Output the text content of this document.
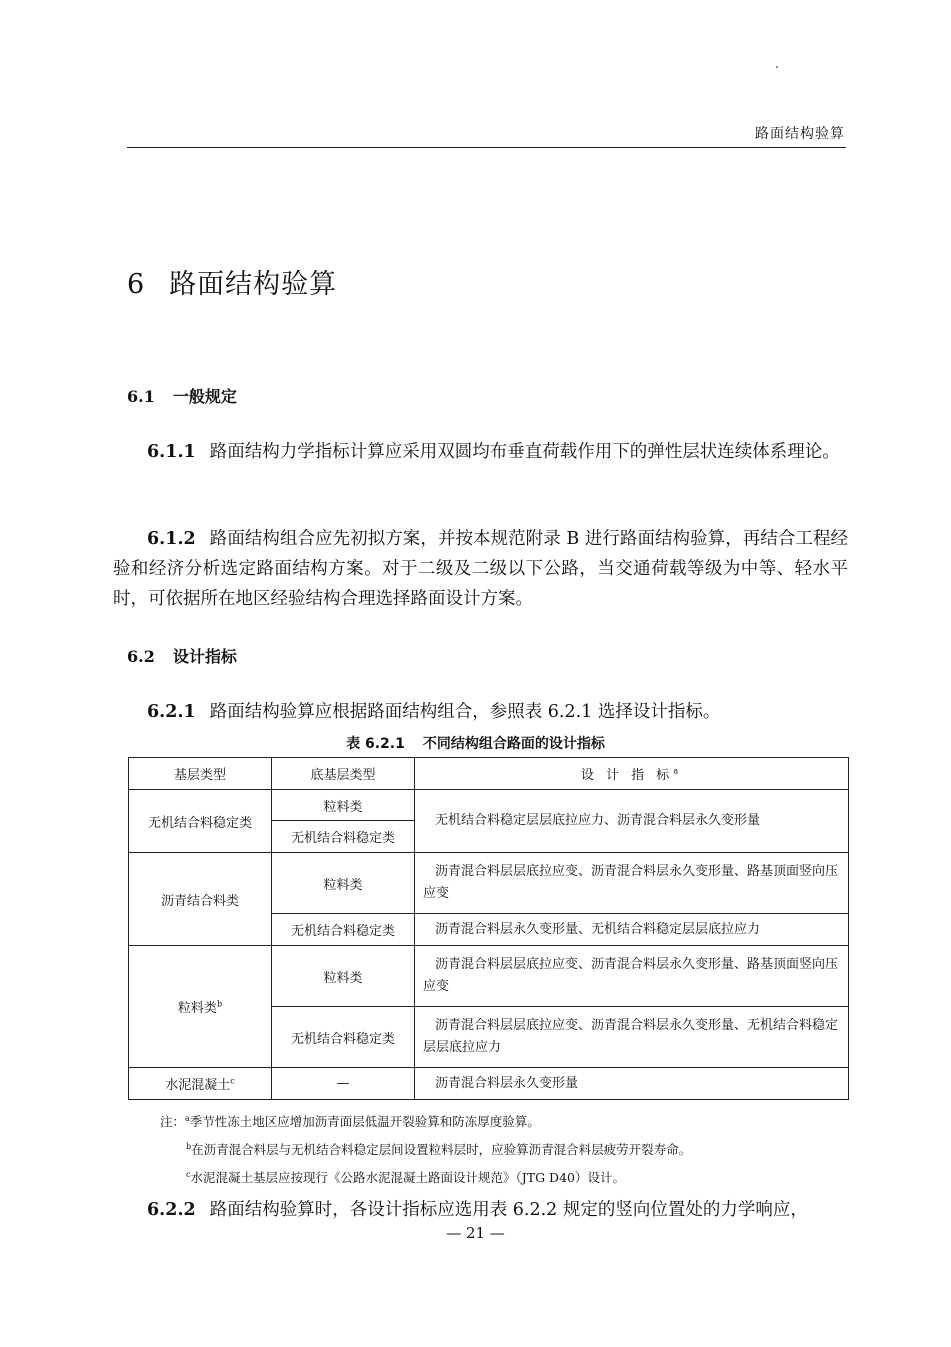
路面结构验算
6 路面结构验算
6.1 一般规定
6.1.1 路面结构力学指标计算应采用双圆均布垂直荷载作用下的弹性层状连续体系理论。
6.1.2 路面结构组合应先初拟方案，并按本规范附录 B 进行路面结构验算，再结合工程经验和经济分析选定路面结构方案。对于二级及二级以下公路，当交通荷载等级为中等、轻水平时，可依据所在地区经验结构合理选择路面设计方案。
6.2 设计指标
6.2.1 路面结构验算应根据路面结构组合，参照表 6.2.1 选择设计指标。
表 6.2.1 不同结构组合路面的设计指标
基层类型	底基层类型	设 计 指 标$^a$
无机结合料稳定类	粒料类	无机结合料稳定层层底拉应力、沥青混合料层永久变形量
	无机结合料稳定类	
沥青结合料类	粒料类	沥青混合料层层底拉应变、沥青混合料层永久变形量、路基顶面竖向压应变
	无机结合料稳定类	沥青混合料层永久变形量、无机结合料稳定层层底拉应力
粒料类$^b$	粒料类	沥青混合料层层底拉应变、沥青混合料层永久变形量、路基顶面竖向压应变
	无机结合料稳定类	沥青混合料层层底拉应变、沥青混合料层永久变形量、无机结合料稳定层层底拉应力
水泥混凝土$^c$	—	沥青混合料层永久变形量
注：$^a$季节性冻土地区应增加沥青面层低温开裂验算和防冻厚度验算。
$^b$在沥青混合料层与无机结合料稳定层间设置粒料层时，应验算沥青混合料层疲劳开裂寿命。
$^c$水泥混凝土基层应按现行《公路水泥混凝土路面设计规范》（JTG D40）设计。
6.2.2 路面结构验算时，各设计指标应选用表 6.2.2 规定的竖向位置处的力学响应，
— 21 —
